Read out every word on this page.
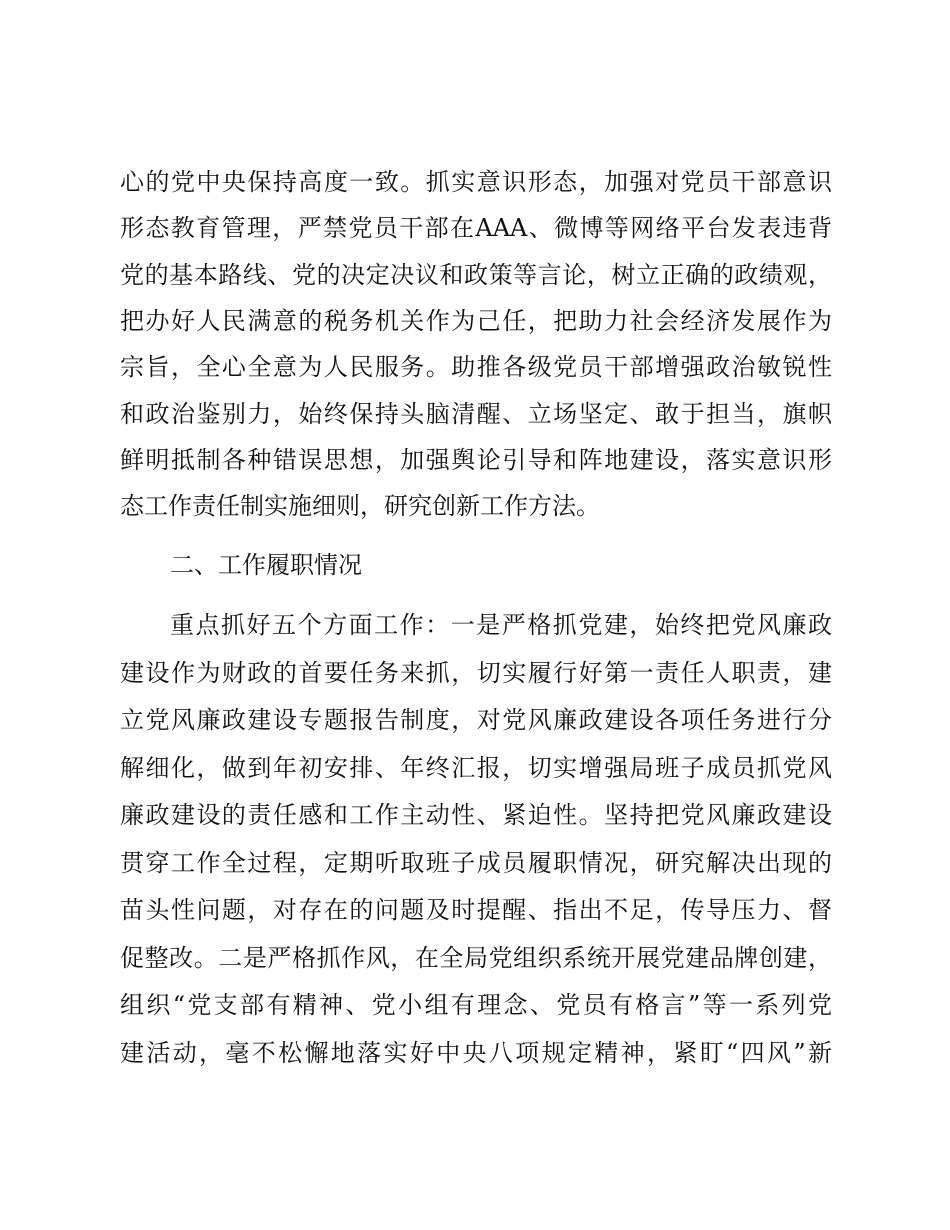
心的党中央保持高度一致。抓实意识形态，加强对党员干部意识
形态教育管理，严禁党员干部在AAA、微博等网络平台发表违背
党的基本路线、党的决定决议和政策等言论，树立正确的政绩观，
把办好人民满意的税务机关作为己任，把助力社会经济发展作为
宗旨，全心全意为人民服务。助推各级党员干部增强政治敏锐性
和政治鉴别力，始终保持头脑清醒、立场坚定、敢于担当，旗帜
鲜明抵制各种错误思想，加强舆论引导和阵地建设，落实意识形
态工作责任制实施细则，研究创新工作方法。
二、工作履职情况
重点抓好五个方面工作：一是严格抓党建，始终把党风廉政
建设作为财政的首要任务来抓，切实履行好第一责任人职责，建
立党风廉政建设专题报告制度，对党风廉政建设各项任务进行分
解细化，做到年初安排、年终汇报，切实增强局班子成员抓党风
廉政建设的责任感和工作主动性、紧迫性。坚持把党风廉政建设
贯穿工作全过程，定期听取班子成员履职情况，研究解决出现的
苗头性问题，对存在的问题及时提醒、指出不足，传导压力、督
促整改。二是严格抓作风，在全局党组织系统开展党建品牌创建，
组织“党支部有精神、党小组有理念、党员有格言”等一系列党
建活动，毫不松懈地落实好中央八项规定精神，紧盯“四风”新
